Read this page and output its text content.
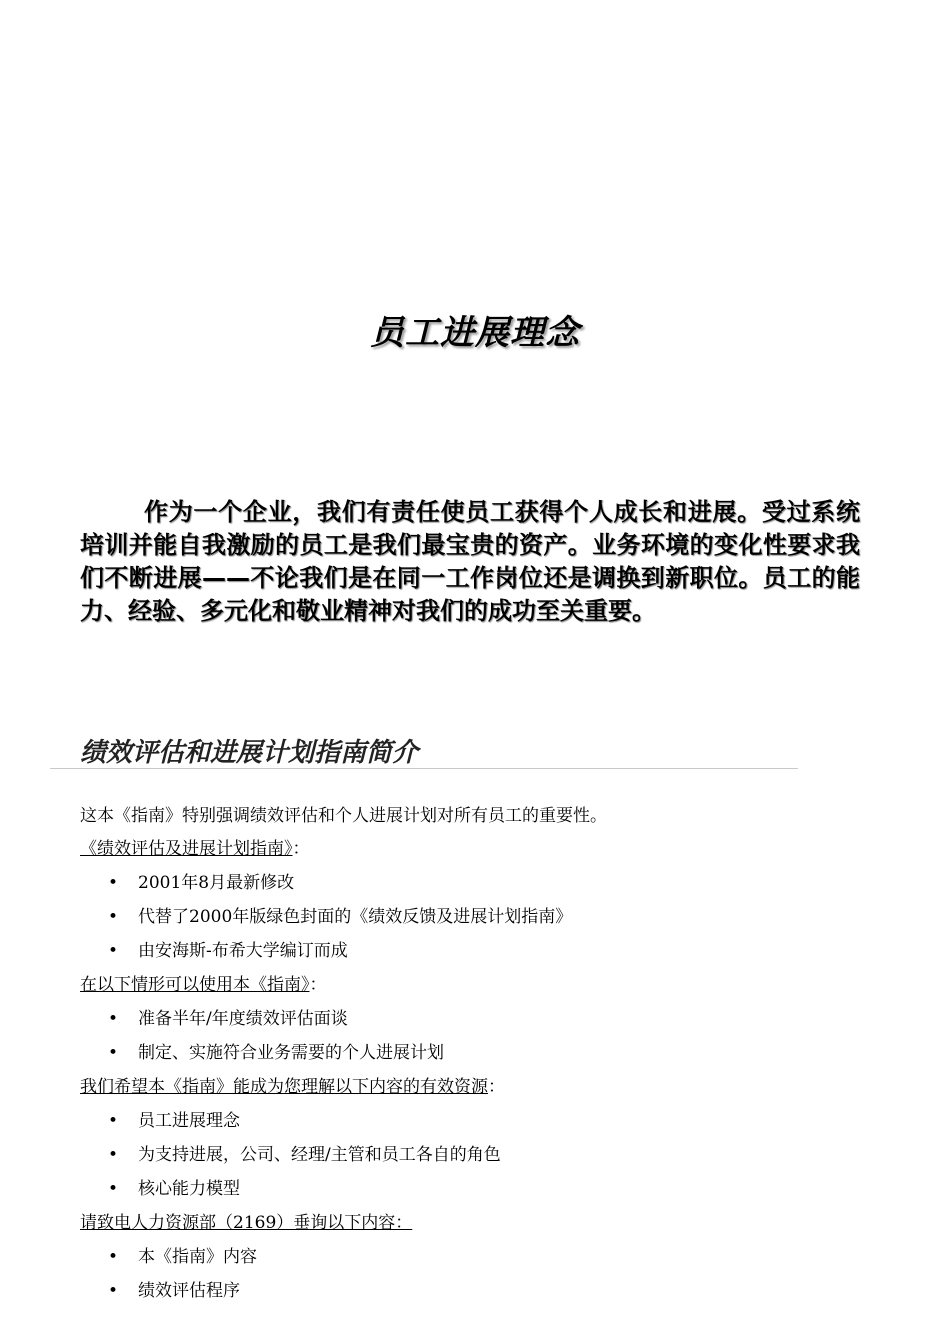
员工进展理念

作为一个企业，我们有责任使员工获得个人成长和进展。受过系统培训并能自我激励的员工是我们最宝贵的资产。业务环境的变化性要求我们不断进展——不论我们是在同一工作岗位还是调换到新职位。员工的能力、经验、多元化和敬业精神对我们的成功至关重要。

绩效评估和进展计划指南简介
这本《指南》特别强调绩效评估和个人进展计划对所有员工的重要性。
《绩效评估及进展计划指南》：
•	2001年8月最新修改
•	代替了2000年版绿色封面的《绩效反馈及进展计划指南》
•	由安海斯-布希大学编订而成
在以下情形可以使用本《指南》：
•	准备半年/年度绩效评估面谈
•	制定、实施符合业务需要的个人进展计划
我们希望本《指南》能成为您理解以下内容的有效资源：
•	员工进展理念
•	为支持进展，公司、经理/主管和员工各自的角色
•	核心能力模型
请致电人力资源部（2169）垂询以下内容：
•	本《指南》内容
•	绩效评估程序
